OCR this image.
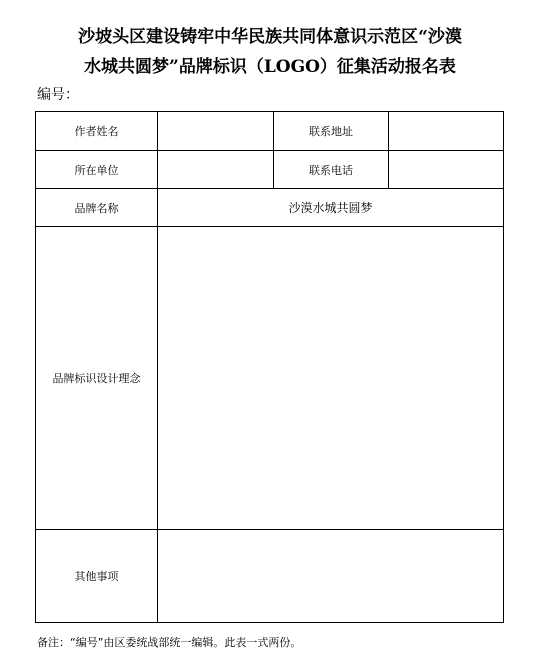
沙坡头区建设铸牢中华民族共同体意识示范区“沙漠
水城共圆梦”品牌标识（LOGO）征集活动报名表
编号：
作者姓名		联系地址	
所在单位		联系电话	
品牌名称	沙漠水城共圆梦		
品牌标识设计理念			
其他事项			
备注：“编号”由区委统战部统一编辑。此表一式两份。
